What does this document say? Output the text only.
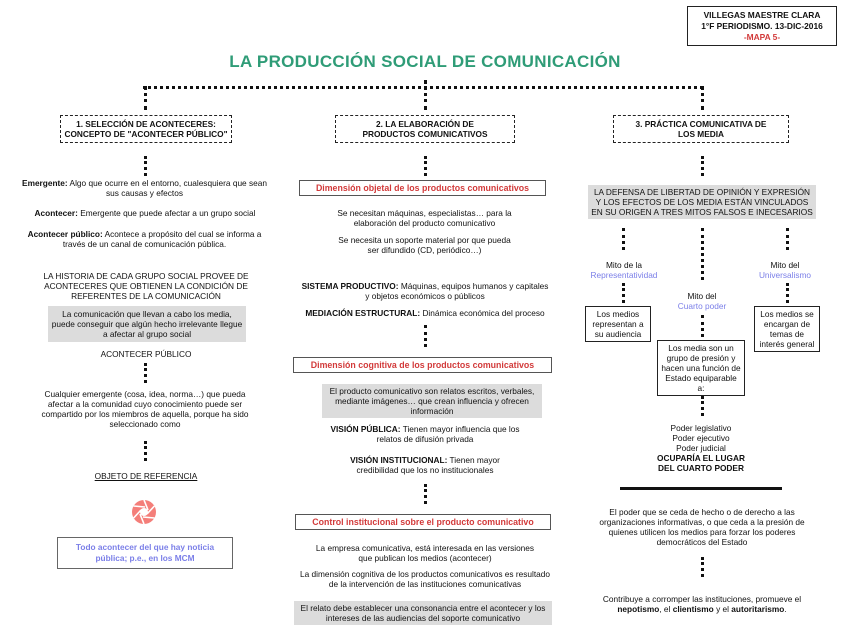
VILLEGAS MAESTRE CLARA
1°F PERIODISMO. 13-DIC-2016
-MAPA 5-
LA PRODUCCIÓN SOCIAL DE COMUNICACIÓN
1. SELECCIÓN DE ACONTECERES:
CONCEPTO DE "ACONTECER PÚBLICO"
Emergente: Algo que ocurre en el entorno, cualesquiera que sean sus causas y efectos
Acontecer: Emergente que puede afectar a un grupo social
Acontecer público: Acontece a propósito del cual se informa a través de un canal de comunicación pública.
LA HISTORIA DE CADA GRUPO SOCIAL PROVEE DE ACONTECERES QUE OBTIENEN LA CONDICIÓN DE REFERENTES DE LA COMUNICACIÓN
La comunicación que llevan a cabo los media, puede conseguir que algún hecho irrelevante llegue a afectar al grupo social
ACONTECER PÚBLICO
Cualquier emergente (cosa, idea, norma…) que pueda afectar a la comunidad cuyo conocimiento puede ser compartido por los miembros de aquella, porque ha sido seleccionado como
OBJETO DE REFERENCIA
Todo acontecer del que hay noticia pública; p.e., en los MCM
2. LA ELABORACIÓN DE
PRODUCTOS COMUNICATIVOS
Dimensión objetal de los productos comunicativos
Se necesitan máquinas, especialistas… para la elaboración del producto comunicativo
Se necesita un soporte material por que pueda ser difundido (CD, periódico…)
SISTEMA PRODUCTIVO: Máquinas, equipos humanos y capitales y objetos económicos o públicos
MEDIACIÓN ESTRUCTURAL: Dinámica económica del proceso
Dimensión cognitiva de los productos comunicativos
El producto comunicativo son relatos escritos, verbales, mediante imágenes… que crean influencia y ofrecen información
VISIÓN PÚBLICA: Tienen mayor influencia que los relatos de difusión privada
VISIÓN INSTITUCIONAL: Tienen mayor credibilidad que los no institucionales
Control institucional sobre el producto comunicativo
La empresa comunicativa, está interesada en las versiones que publican los medios (acontecer)
La dimensión cognitiva de los productos comunicativos es resultado de la intervención de las instituciones comunicativas
El relato debe establecer una consonancia entre el acontecer y los intereses de las audiencias del soporte comunicativo
3. PRÁCTICA COMUNICATIVA DE
LOS MEDIA
LA DEFENSA DE LIBERTAD DE OPINIÓN Y EXPRESIÓN Y LOS EFECTOS DE LOS MEDIA ESTÁN VINCULADOS EN SU ORIGEN A TRES MITOS FALSOS E INECESARIOS
Mito de la
Representatividad
Mito del
Cuarto poder
Mito del
Universalismo
Los medios representan a su audiencia
Los media son un grupo de presión y hacen una función de Estado equiparable a:
Los medios se encargan de temas de interés general
Poder legislativo
Poder ejecutivo
Poder judicial
OCUPARÍA EL LUGAR
DEL CUARTO PODER
El poder que se ceda de hecho o de derecho a las organizaciones informativas, o que ceda a la presión de quienes utilicen los medios para forzar los poderes democráticos del Estado
Contribuye a corromper las instituciones, promueve el nepotismo, el clientismo y el autoritarismo.
